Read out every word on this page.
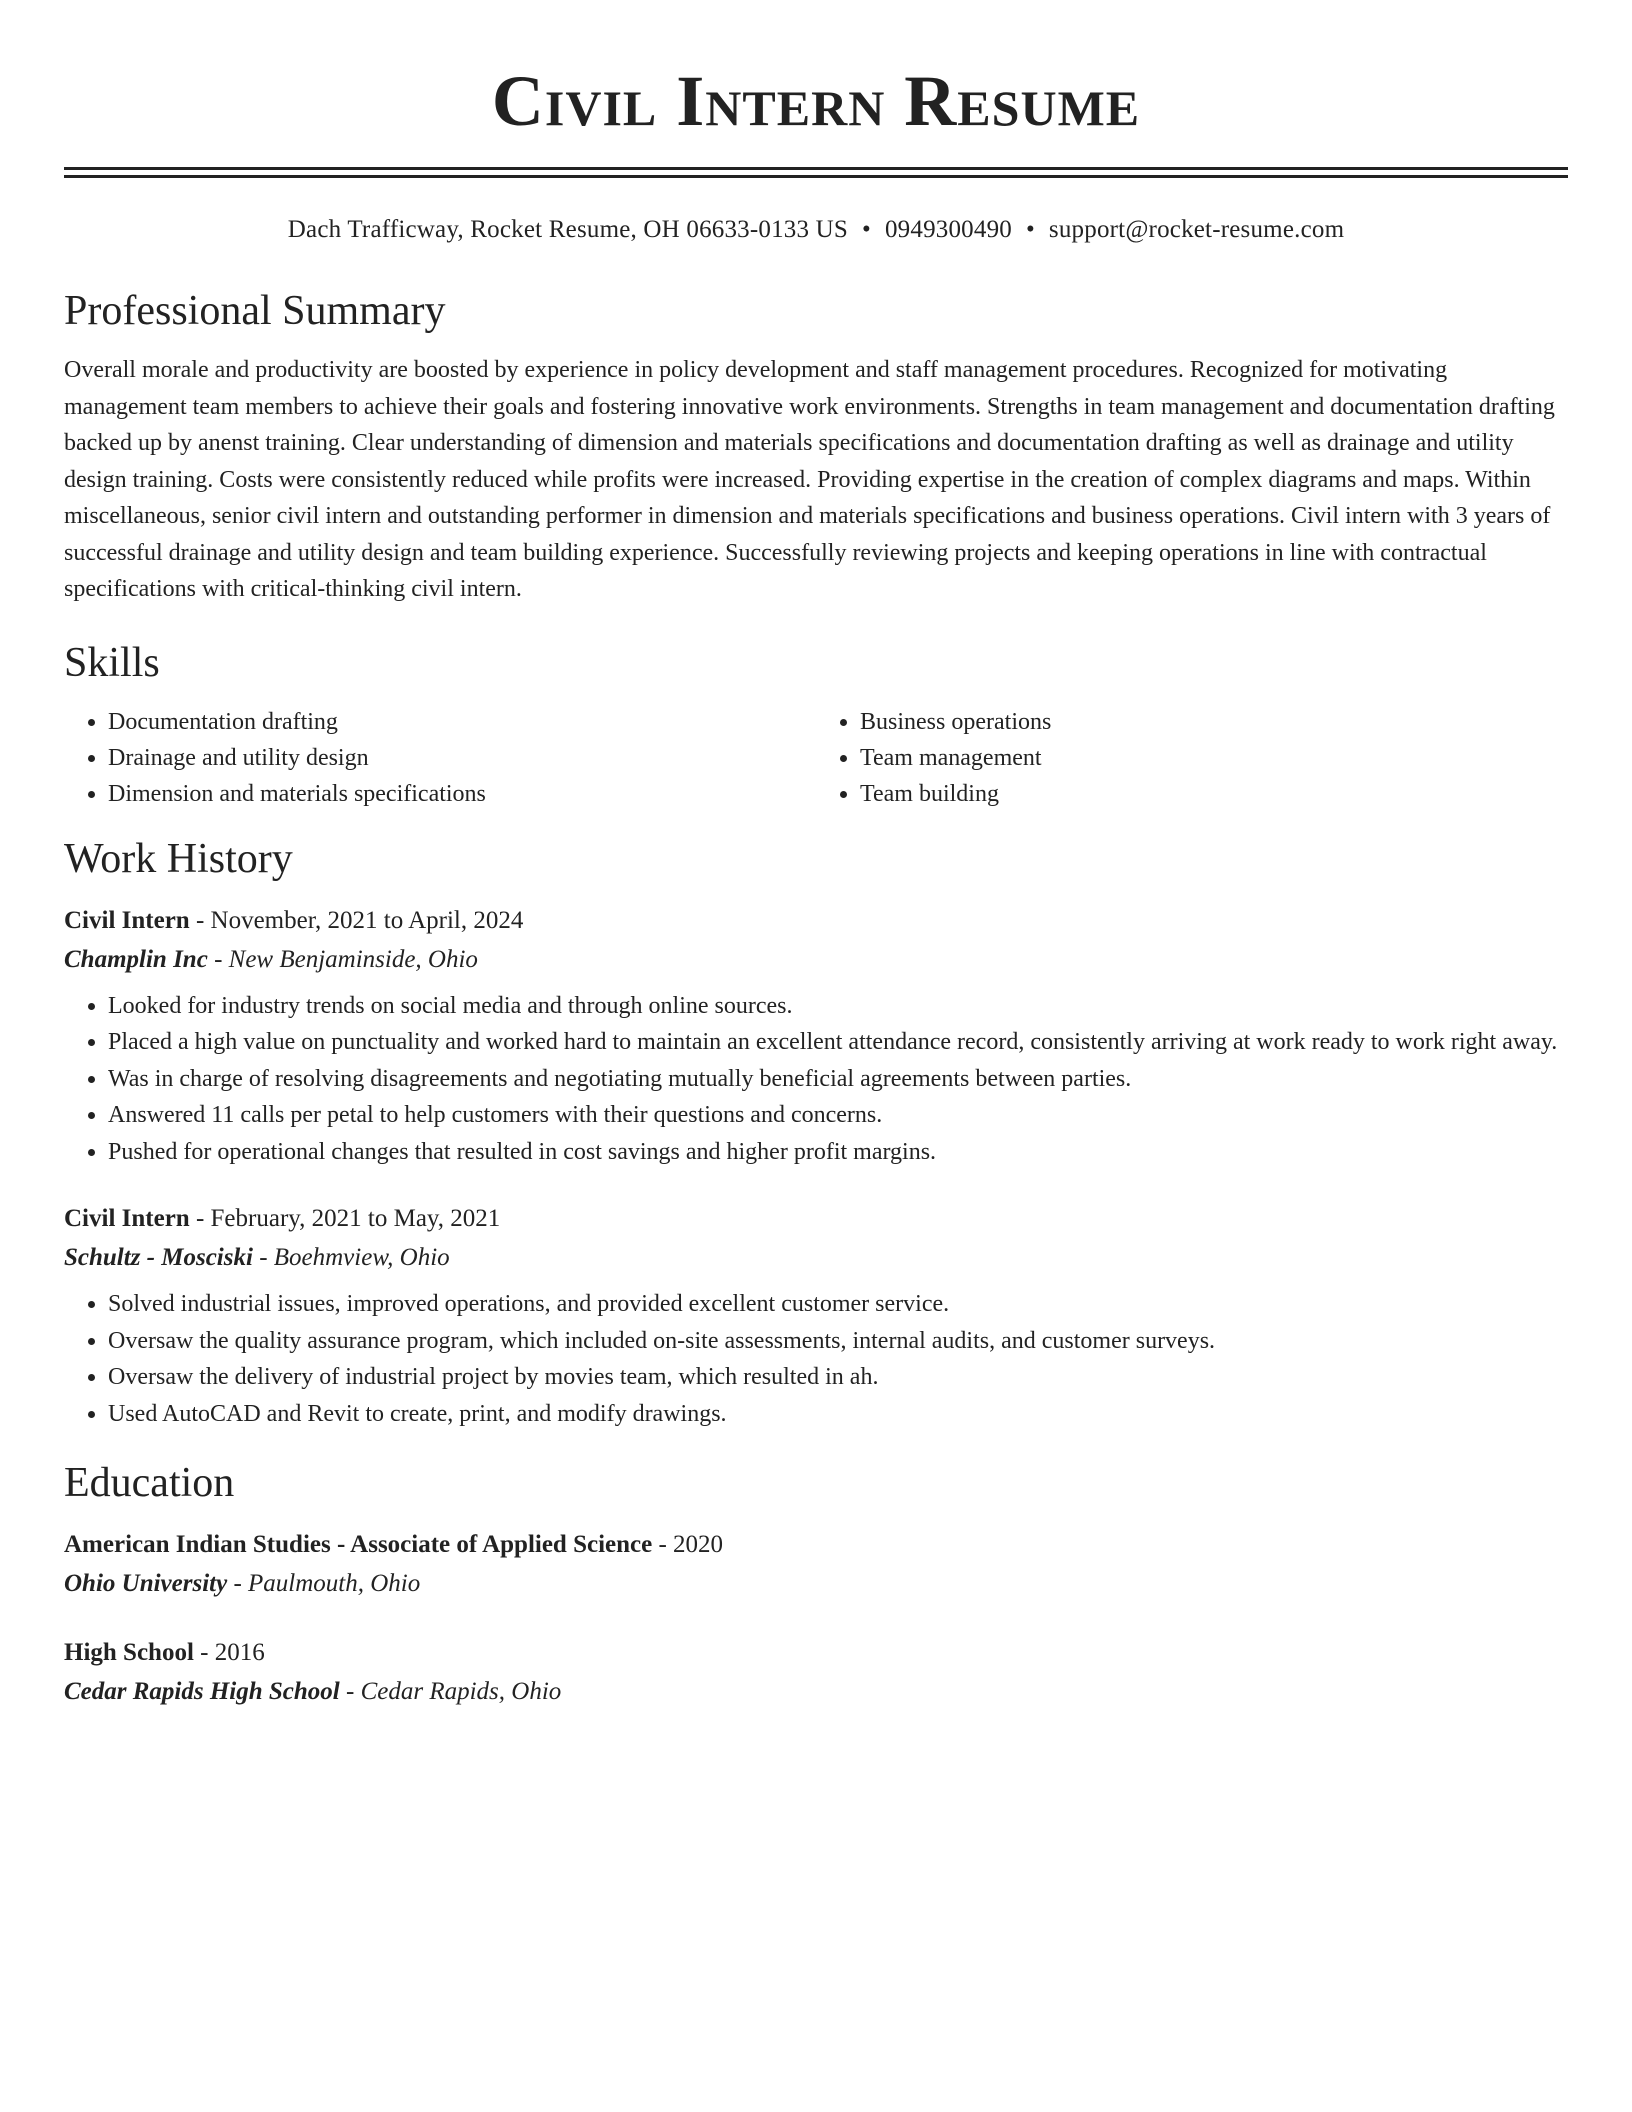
Civil Intern Resume
Dach Trafficway, Rocket Resume, OH 06633-0133 US • 0949300490 • support@rocket-resume.com
Professional Summary

Overall morale and productivity are boosted by experience in policy development and staff management procedures. Recognized for motivating management team members to achieve their goals and fostering innovative work environments. Strengths in team management and documentation drafting backed up by anenst training. Clear understanding of dimension and materials specifications and documentation drafting as well as drainage and utility design training. Costs were consistently reduced while profits were increased. Providing expertise in the creation of complex diagrams and maps. Within miscellaneous, senior civil intern and outstanding performer in dimension and materials specifications and business operations. Civil intern with 3 years of successful drainage and utility design and team building experience. Successfully reviewing projects and keeping operations in line with contractual specifications with critical-thinking civil intern.

Skills
• Documentation drafting
• Drainage and utility design
• Dimension and materials specifications
• Business operations
• Team management
• Team building
Work History
Civil Intern - November, 2021 to April, 2024
Champlin Inc - New Benjaminside, Ohio
• Looked for industry trends on social media and through online sources.
• Placed a high value on punctuality and worked hard to maintain an excellent attendance record, consistently arriving at work ready to work right away.
• Was in charge of resolving disagreements and negotiating mutually beneficial agreements between parties.
• Answered 11 calls per petal to help customers with their questions and concerns.
• Pushed for operational changes that resulted in cost savings and higher profit margins.
Civil Intern - February, 2021 to May, 2021
Schultz - Mosciski - Boehmview, Ohio
• Solved industrial issues, improved operations, and provided excellent customer service.
• Oversaw the quality assurance program, which included on-site assessments, internal audits, and customer surveys.
• Oversaw the delivery of industrial project by movies team, which resulted in ah.
• Used AutoCAD and Revit to create, print, and modify drawings.
Education
American Indian Studies - Associate of Applied Science - 2020
Ohio University - Paulmouth, Ohio
High School - 2016
Cedar Rapids High School - Cedar Rapids, Ohio
